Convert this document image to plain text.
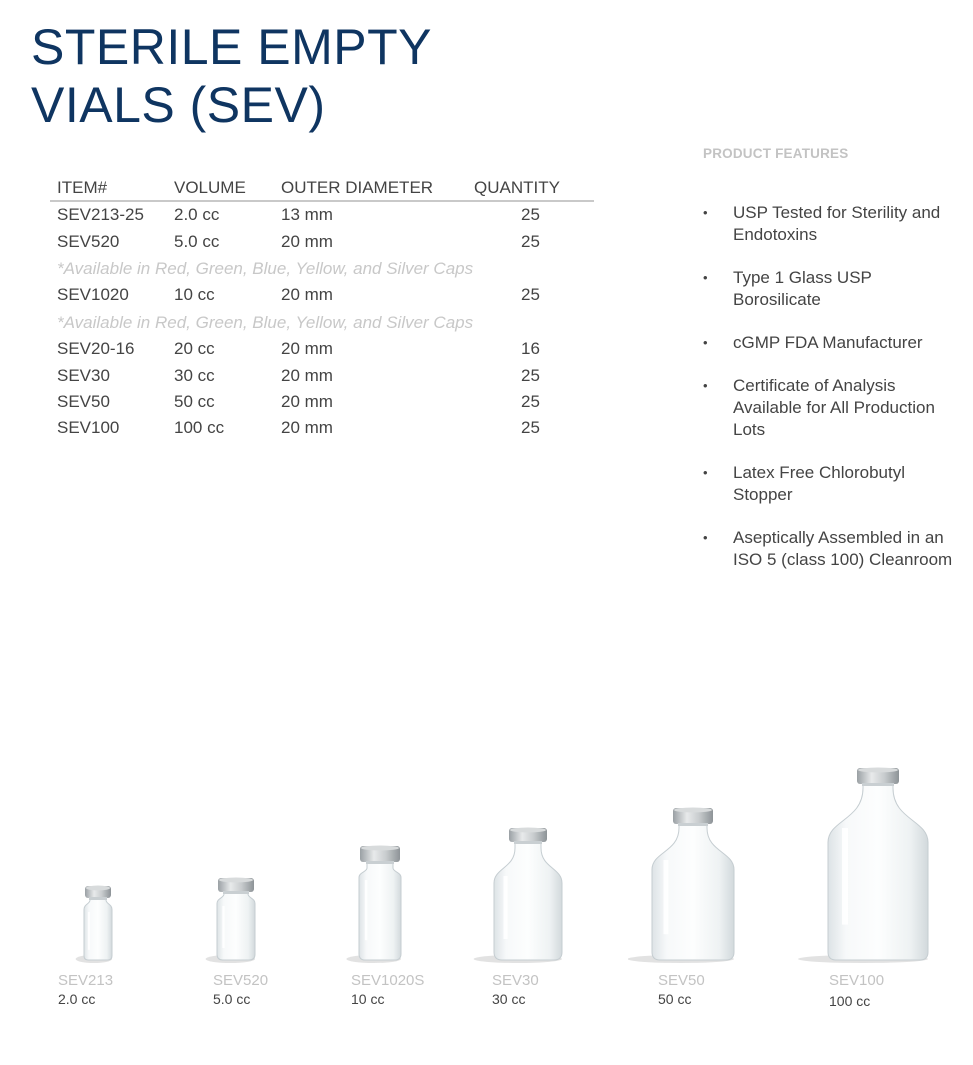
STERILE EMPTY
VIALS (SEV)
ITEM#	VOLUME	OUTER DIAMETER	QUANTITY
SEV213-25	2.0 cc	13 mm	25
SEV520	5.0 cc	20 mm	25
*Available in Red, Green, Blue, Yellow, and Silver Caps			
SEV1020	10 cc	20 mm	25
*Available in Red, Green, Blue, Yellow, and Silver Caps			
SEV20-16	20 cc	20 mm	16
SEV30	30 cc	20 mm	25
SEV50	50 cc	20 mm	25
SEV100	100 cc	20 mm	25
PRODUCT FEATURES
• USP Tested for Sterility and Endotoxins
• Type 1 Glass USP Borosilicate
• cGMP FDA Manufacturer
• Certificate of Analysis Available for All Production Lots
• Latex Free Chlorobutyl Stopper
• Aseptically Assembled in an ISO 5 (class 100) Cleanroom
SEV213
2.0 cc
SEV520
5.0 cc
SEV1020S
10 cc
SEV30
30 cc
SEV50
50 cc
SEV100
100 cc
